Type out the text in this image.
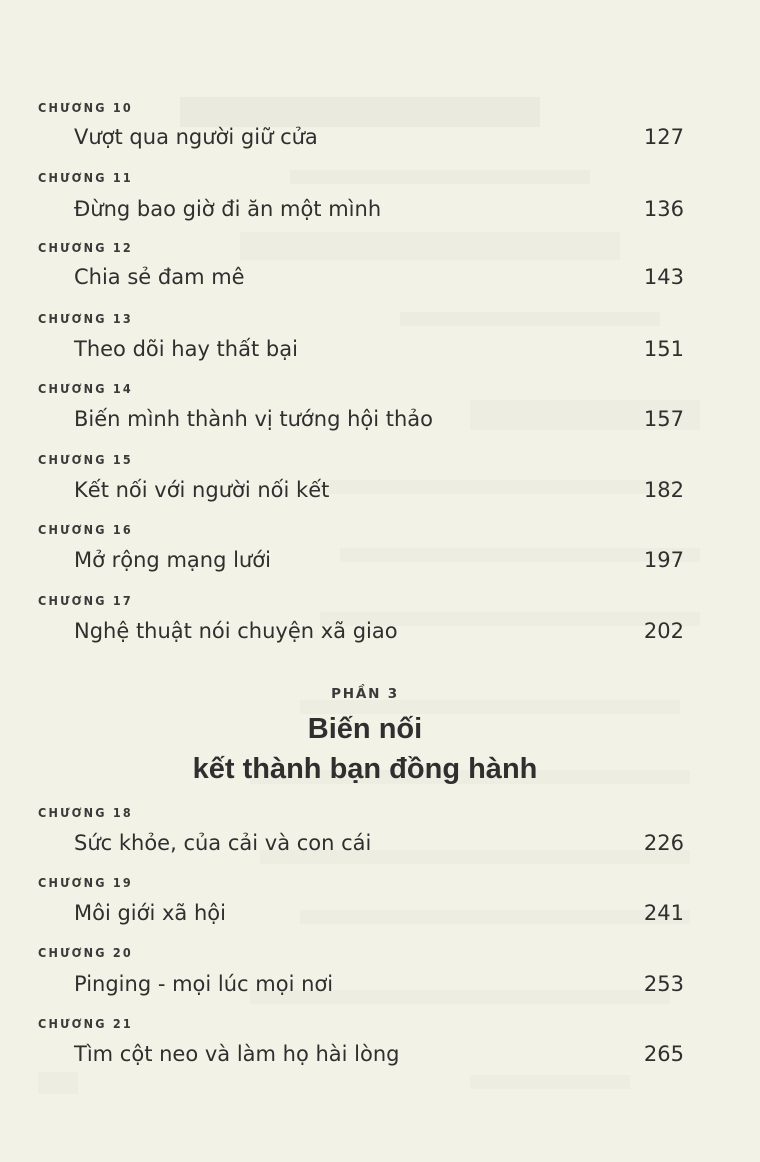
CHƯƠNG 10
Vượt qua người giữ cửa	127
CHƯƠNG 11
Đừng bao giờ đi ăn một mình	136
CHƯƠNG 12
Chia sẻ đam mê	143
CHƯƠNG 13
Theo dõi hay thất bại	151
CHƯƠNG 14
Biến mình thành vị tướng hội thảo	157
CHƯƠNG 15
Kết nối với người nối kết	182
CHƯƠNG 16
Mở rộng mạng lưới	197
CHƯƠNG 17
Nghệ thuật nói chuyện xã giao	202
PHẦN 3
Biến nối
kết thành bạn đồng hành
CHƯƠNG 18
Sức khỏe, của cải và con cái	226
CHƯƠNG 19
Môi giới xã hội	241
CHƯƠNG 20
Pinging - mọi lúc mọi nơi	253
CHƯƠNG 21
Tìm cột neo và làm họ hài lòng	265
